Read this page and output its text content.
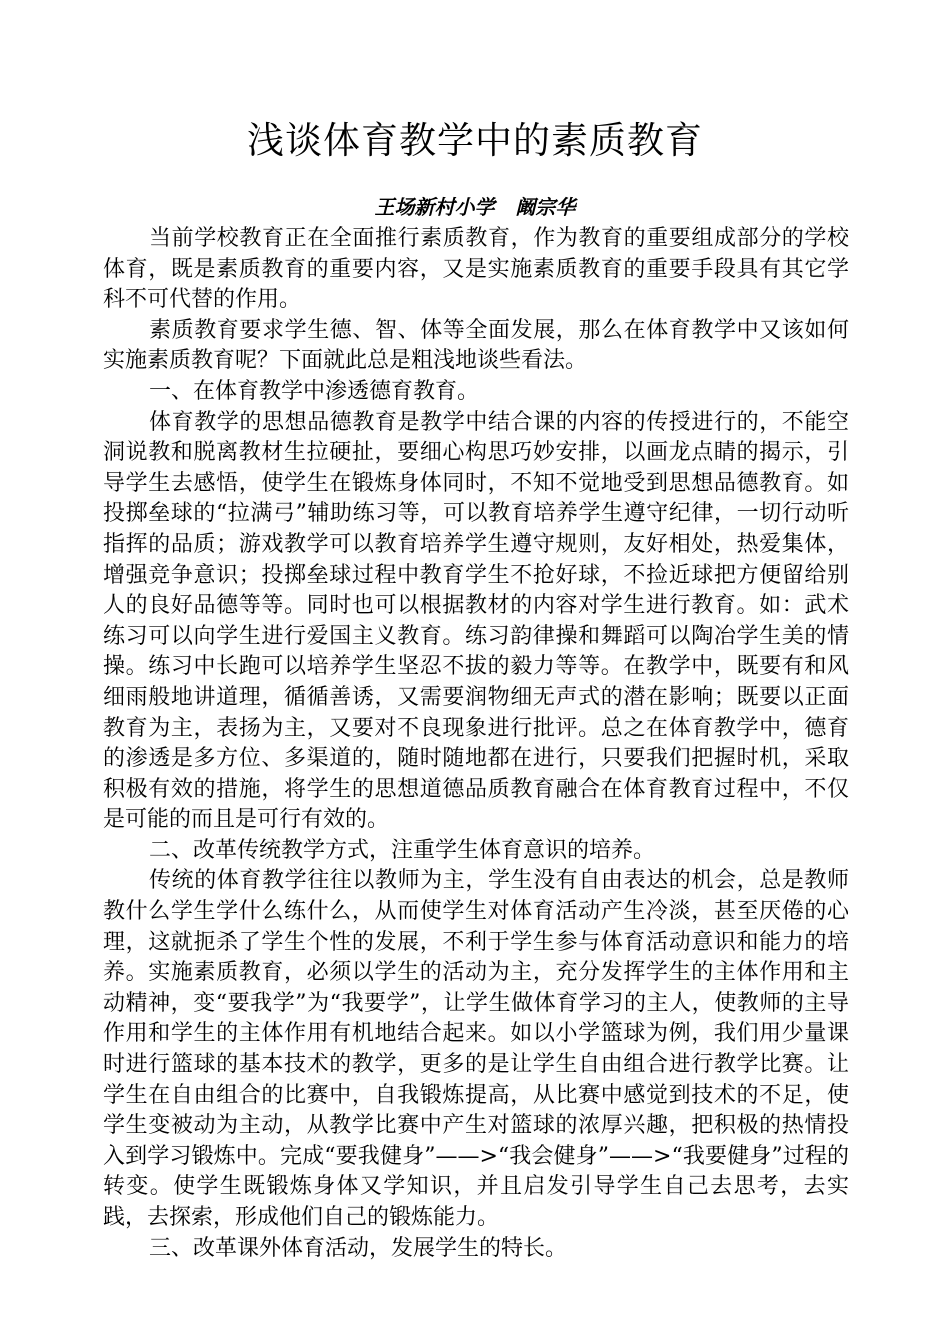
浅谈体育教学中的素质教育
王场新村小学   阚宗华

当前学校教育正在全面推行素质教育，作为教育的重要组成部分的学校体育，既是素质教育的重要内容，又是实施素质教育的重要手段具有其它学科不可代替的作用。

素质教育要求学生德、智、体等全面发展，那么在体育教学中又该如何实施素质教育呢？下面就此总是粗浅地谈些看法。

一、在体育教学中渗透德育教育。

体育教学的思想品德教育是教学中结合课的内容的传授进行的，不能空洞说教和脱离教材生拉硬扯，要细心构思巧妙安排，以画龙点睛的揭示，引导学生去感悟，使学生在锻炼身体同时，不知不觉地受到思想品德教育。如投掷垒球的“拉满弓”辅助练习等，可以教育培养学生遵守纪律，一切行动听指挥的品质；游戏教学可以教育培养学生遵守规则，友好相处，热爱集体，增强竞争意识；投掷垒球过程中教育学生不抢好球，不捡近球把方便留给别人的良好品德等等。同时也可以根据教材的内容对学生进行教育。如：武术练习可以向学生进行爱国主义教育。练习韵律操和舞蹈可以陶冶学生美的情操。练习中长跑可以培养学生坚忍不拔的毅力等等。在教学中，既要有和风细雨般地讲道理，循循善诱，又需要润物细无声式的潜在影响；既要以正面教育为主，表扬为主，又要对不良现象进行批评。总之在体育教学中，德育的渗透是多方位、多渠道的，随时随地都在进行，只要我们把握时机，采取积极有效的措施，将学生的思想道德品质教育融合在体育教育过程中，不仅是可能的而且是可行有效的。

二、改革传统教学方式，注重学生体育意识的培养。

传统的体育教学往往以教师为主，学生没有自由表达的机会，总是教师教什么学生学什么练什么，从而使学生对体育活动产生冷淡，甚至厌倦的心理，这就扼杀了学生个性的发展，不利于学生参与体育活动意识和能力的培养。实施素质教育，必须以学生的活动为主，充分发挥学生的主体作用和主动精神，变“要我学”为“我要学”，让学生做体育学习的主人，使教师的主导作用和学生的主体作用有机地结合起来。如以小学篮球为例，我们用少量课时进行篮球的基本技术的教学，更多的是让学生自由组合进行教学比赛。让学生在自由组合的比赛中，自我锻炼提高，从比赛中感觉到技术的不足，使学生变被动为主动，从教学比赛中产生对篮球的浓厚兴趣，把积极的热情投入到学习锻炼中。完成“要我健身”——>“我会健身”——>“我要健身”过程的转变。使学生既锻炼身体又学知识，并且启发引导学生自己去思考，去实践，去探索，形成他们自己的锻炼能力。

三、改革课外体育活动，发展学生的特长。
